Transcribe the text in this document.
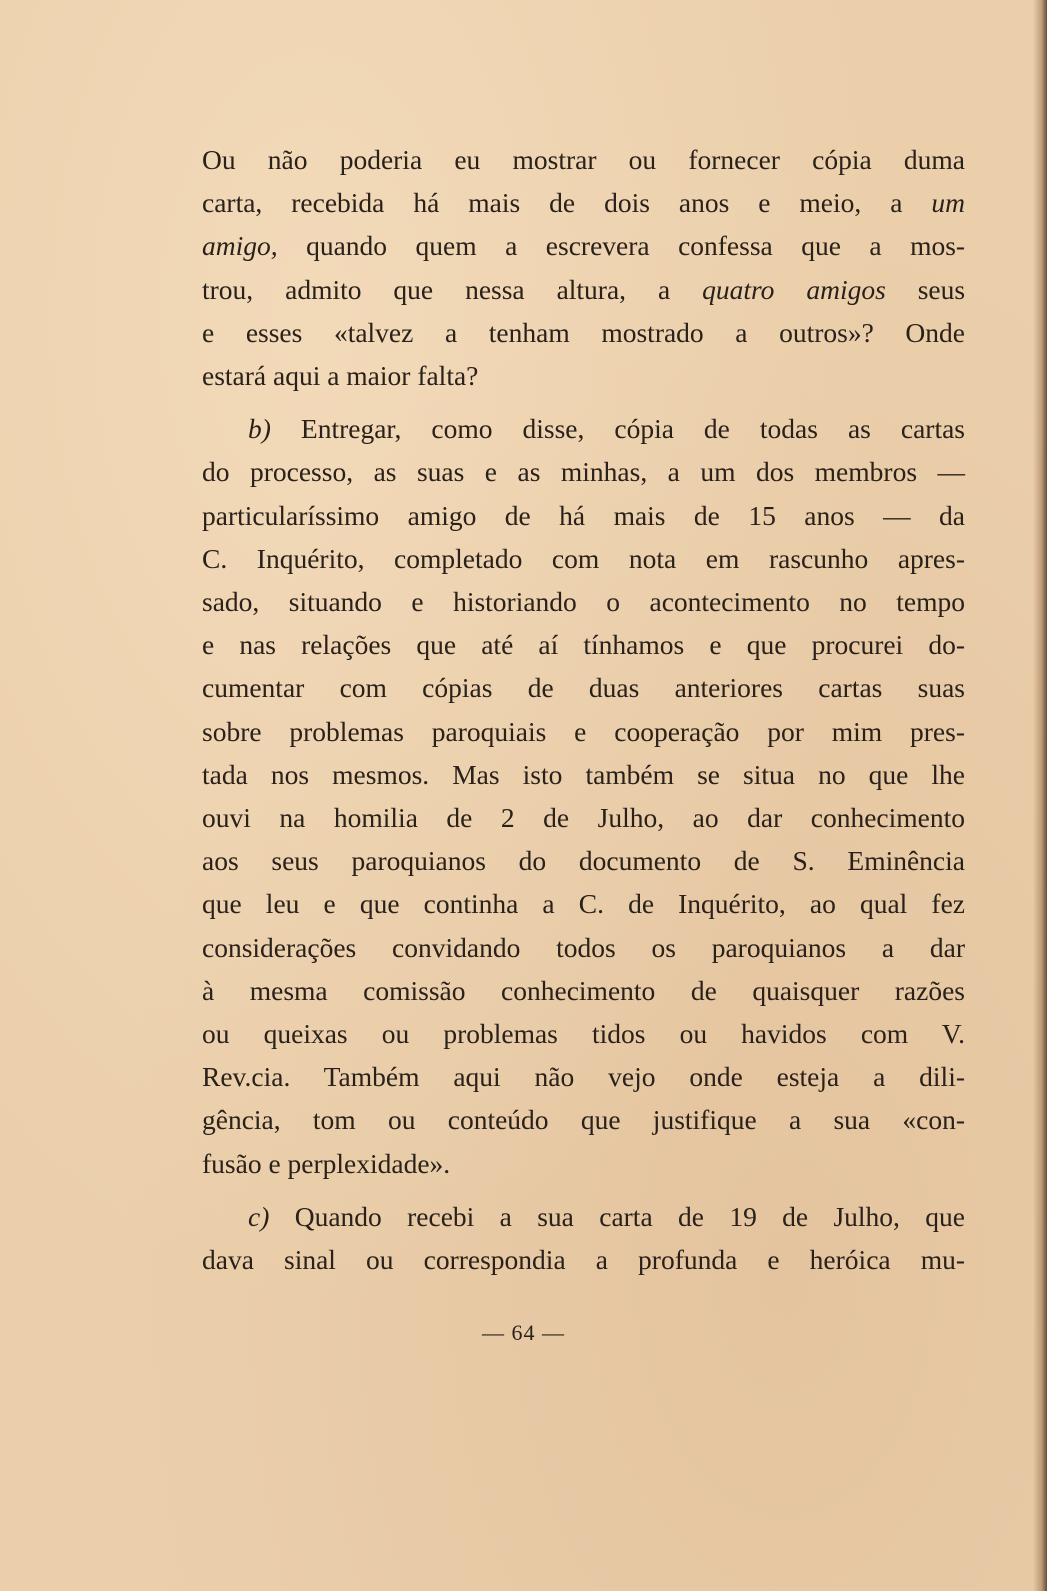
Ou não poderia eu mostrar ou fornecer cópia duma
carta, recebida há mais de dois anos e meio, a um
amigo, quando quem a escrevera confessa que a mos-
trou, admito que nessa altura, a quatro amigos seus
e esses «talvez a tenham mostrado a outros»? Onde
estará aqui a maior falta?
b) Entregar, como disse, cópia de todas as cartas
do processo, as suas e as minhas, a um dos membros —
particularíssimo amigo de há mais de 15 anos — da
C. Inquérito, completado com nota em rascunho apres-
sado, situando e historiando o acontecimento no tempo
e nas relações que até aí tínhamos e que procurei do-
cumentar com cópias de duas anteriores cartas suas
sobre problemas paroquiais e cooperação por mim pres-
tada nos mesmos. Mas isto também se situa no que lhe
ouvi na homilia de 2 de Julho, ao dar conhecimento
aos seus paroquianos do documento de S. Eminência
que leu e que continha a C. de Inquérito, ao qual fez
considerações convidando todos os paroquianos a dar
à mesma comissão conhecimento de quaisquer razões
ou queixas ou problemas tidos ou havidos com V.
Rev.cia. Também aqui não vejo onde esteja a dili-
gência, tom ou conteúdo que justifique a sua «con-
fusão e perplexidade».
c) Quando recebi a sua carta de 19 de Julho, que
dava sinal ou correspondia a profunda e heróica mu-
— 64 —
